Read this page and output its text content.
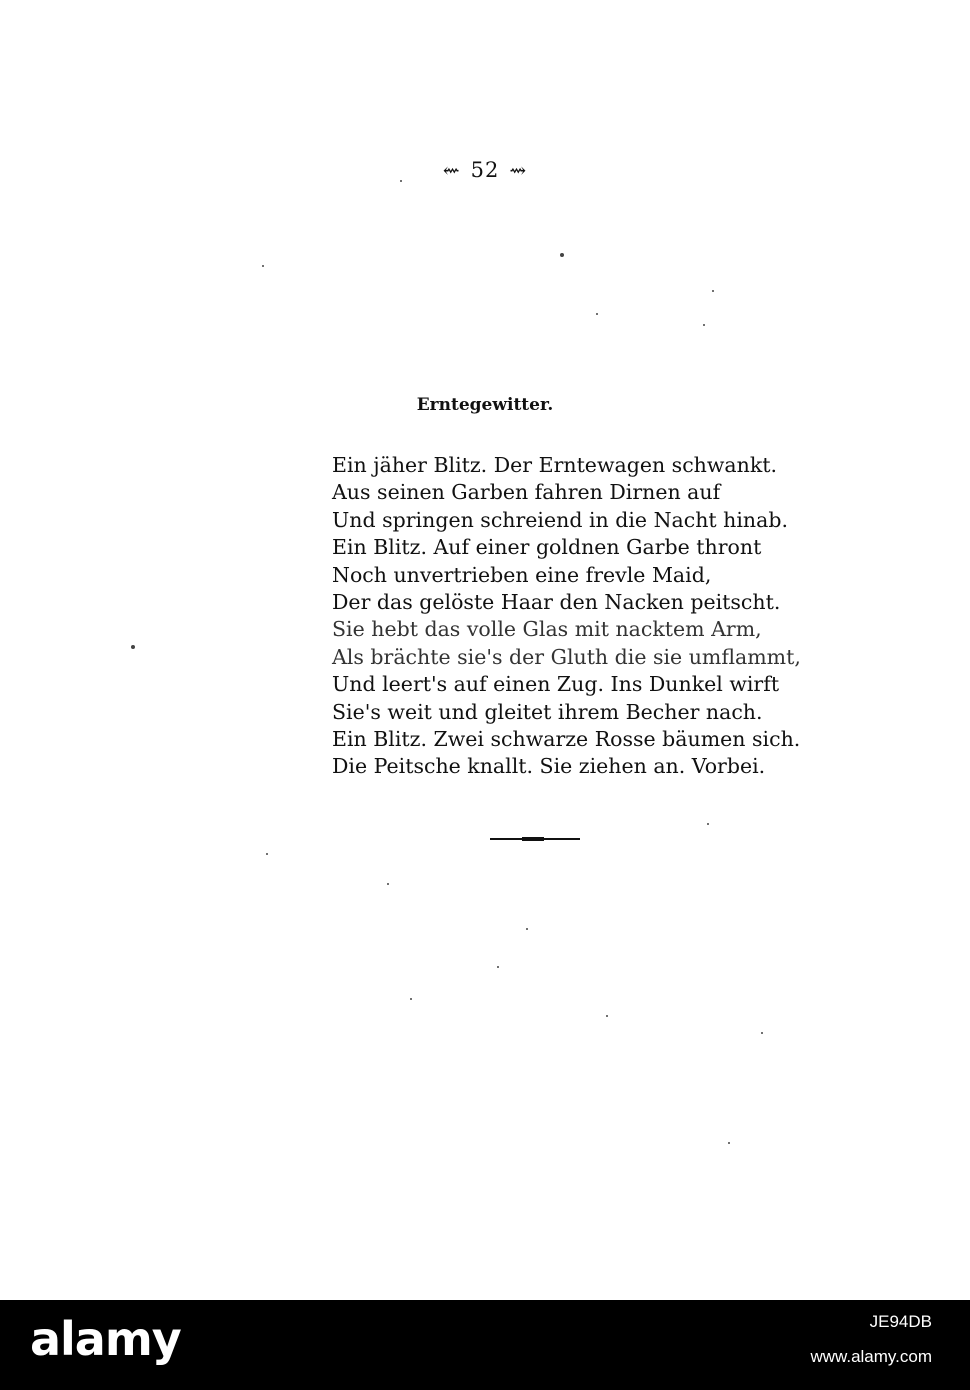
⇜ 52 ⇝
Erntegewitter.
Ein jäher Blitz. Der Erntewagen schwankt.
Aus seinen Garben fahren Dirnen auf
Und springen schreiend in die Nacht hinab.
Ein Blitz. Auf einer goldnen Garbe thront
Noch unvertrieben eine frevle Maid,
Der das gelöste Haar den Nacken peitscht.
Sie hebt das volle Glas mit nacktem Arm,
Als brächte sie's der Gluth die sie umflammt,
Und leert's auf einen Zug. Ins Dunkel wirft
Sie's weit und gleitet ihrem Becher nach.
Ein Blitz. Zwei schwarze Rosse bäumen sich.
Die Peitsche knallt. Sie ziehen an. Vorbei.
alamy	JE94DB
www.alamy.com
